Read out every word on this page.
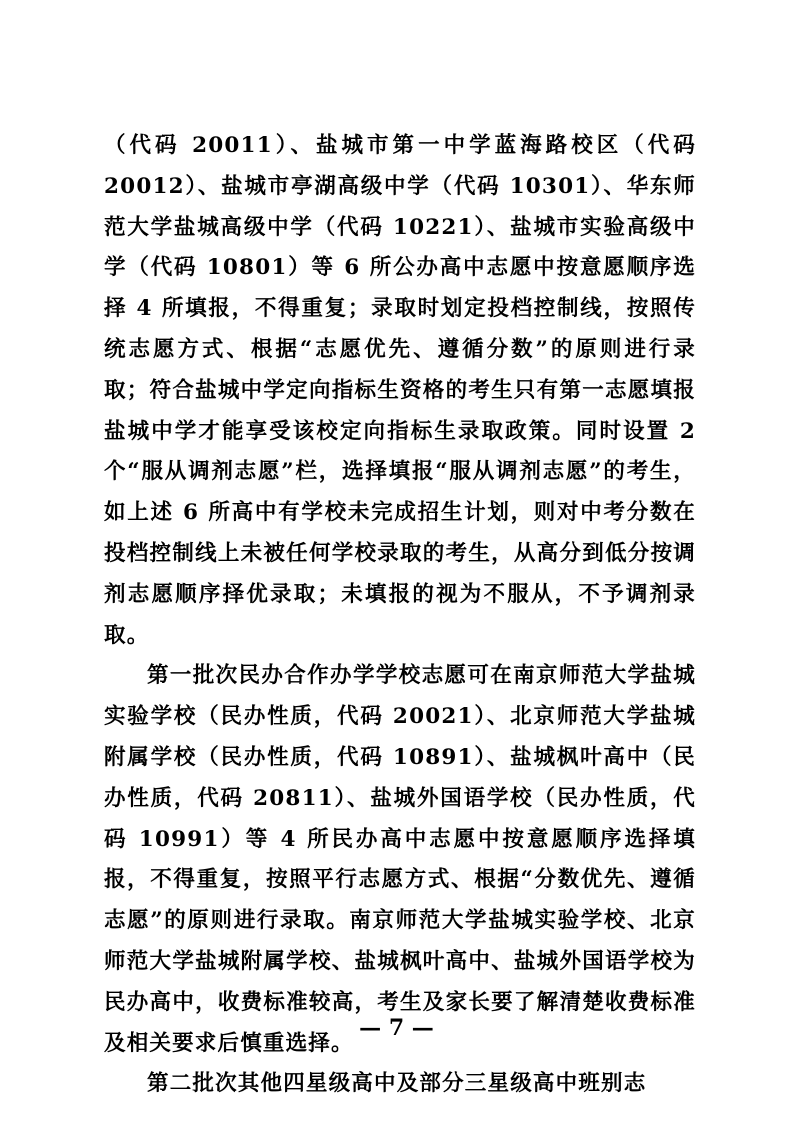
（代码 20011）、盐城市第一中学蓝海路校区（代码 20012）、盐城市亭湖高级中学（代码 10301）、华东师范大学盐城高级中学（代码 10221）、盐城市实验高级中学（代码 10801）等 6 所公办高中志愿中按意愿顺序选择 4 所填报，不得重复；录取时划定投档控制线，按照传统志愿方式、根据“志愿优先、遵循分数”的原则进行录取；符合盐城中学定向指标生资格的考生只有第一志愿填报盐城中学才能享受该校定向指标生录取政策。同时设置 2 个“服从调剂志愿”栏，选择填报“服从调剂志愿”的考生，如上述 6 所高中有学校未完成招生计划，则对中考分数在投档控制线上未被任何学校录取的考生，从高分到低分按调剂志愿顺序择优录取；未填报的视为不服从，不予调剂录取。

第一批次民办合作办学学校志愿可在南京师范大学盐城实验学校（民办性质，代码 20021）、北京师范大学盐城附属学校（民办性质，代码 10891）、盐城枫叶高中（民办性质，代码 20811）、盐城外国语学校（民办性质，代码 10991）等 4 所民办高中志愿中按意愿顺序选择填报，不得重复，按照平行志愿方式、根据“分数优先、遵循志愿”的原则进行录取。南京师范大学盐城实验学校、北京师范大学盐城附属学校、盐城枫叶高中、盐城外国语学校为民办高中，收费标准较高，考生及家长要了解清楚收费标准及相关要求后慎重选择。

第二批次其他四星级高中及部分三星级高中班别志

— 7 —
